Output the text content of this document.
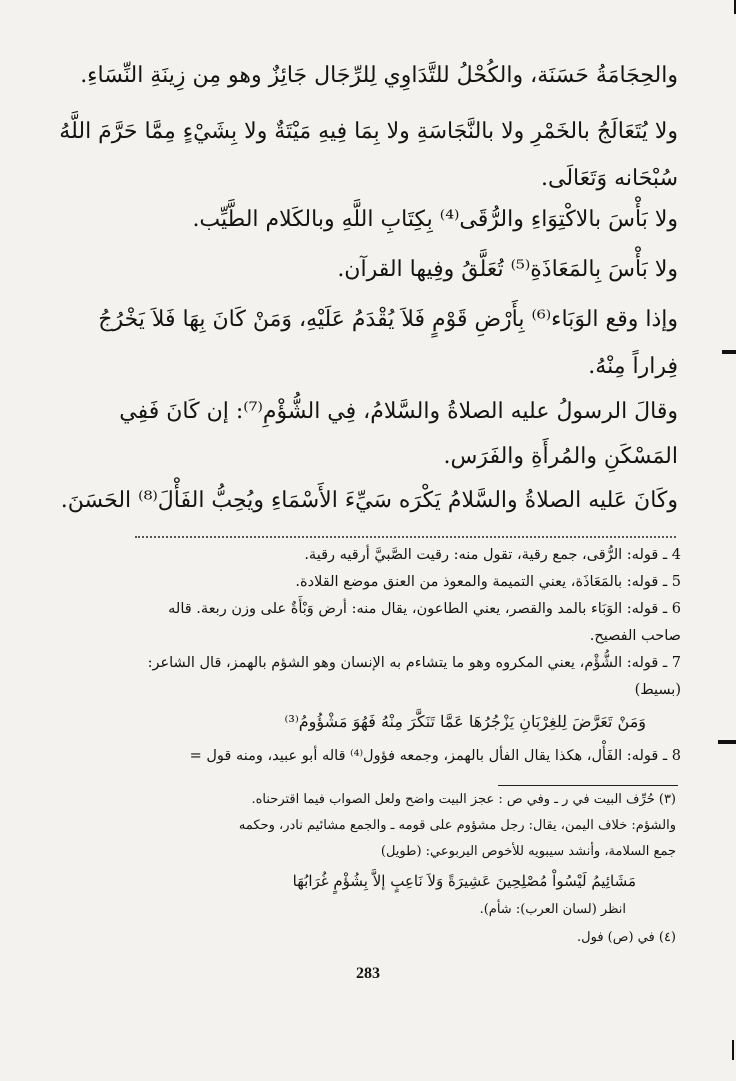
والحِجَامَةُ حَسَنَة، والكُحْلُ للتَّدَاوِي لِلرِّجَال جَائِزٌ وهو مِن زِينَةِ النِّسَاءِ.
ولا يُتَعَالَجُ بالخَمْرِ ولا بالنَّجَاسَةِ ولا بِمَا فِيهِ مَيْتَةٌ ولا بِشَيْءٍ مِمَّا حَرَّمَ اللَّهُ
سُبْحَانه وَتَعَالَى.
ولا بَأْسَ بالاكْتِوَاءِ والرُّقَى⁽⁴⁾ بِكِتَابِ اللَّهِ وبالكَلام الطَّيِّب.
ولا بَأْسَ بِالمَعَاذَةِ⁽⁵⁾ تُعَلَّقُ وفِيها القرآن.
وإذا وقع الوَبَاء⁽⁶⁾ بِأَرْضِ قَوْمٍ فَلاَ يُقْدَمُ عَلَيْهِ، وَمَنْ كَانَ بِهَا فَلاَ يَخْرُجُ
فِراراً مِنْهُ.
وقالَ الرسولُ عليه الصلاةُ والسَّلامُ، فِي الشُّؤْمِ⁽⁷⁾: إن كَانَ فَفِي
المَسْكَنِ والمُرأَةِ والفَرَس.
وكَانَ عَليه الصلاةُ والسَّلامُ يَكْرَه سَيِّءَ الأَسْمَاءِ ويُحِبُّ الفَأْلَ⁽⁸⁾ الحَسَنَ.
4 ـ قوله: الرُّقى، جمع رقية، تقول منه: رقيت الصَّبيَّ أرقيه رقية.
5 ـ قوله: بالمَعَاذَة، يعني التميمة والمعوذ من العنق موضع القلادة.
6 ـ قوله: الوَبَاء بالمد والقصر، يعني الطاعون، يقال منه: أرض وَبْأَةٌ على وزن ربعة. قاله
صاحب الفصيح.
7 ـ قوله: الشُّؤْم، يعني المكروه وهو ما يتشاءم به الإنسان وهو الشؤم بالهمز، قال الشاعر:
(بسيط)
وَمَنْ تَعَرَّضَ لِلغِرْبَانِ يَزْجُرُهَا عَمَّا تَنَكَّرَ مِنْهُ فَهُوَ مَشْؤُومُ⁽³⁾
8 ـ قوله: الفَأْل، هكذا يقال الفأل بالهمز، وجمعه فؤول⁽⁴⁾ قاله أبو عبيد، ومنه قول =
(٣) حُرِّف البيت في ر ـ وفي ص : عجز البيت واضح ولعل الصواب فيما اقترحناه.
والشؤم: خلاف اليمن، يقال: رجل مشؤوم على قومه ـ والجمع مشائيم نادر، وحكمه
جمع السلامة، وأنشد سيبويه للأخوص اليربوعي: (طويل)
مَشَائِيمُ لَيْسُواْ مُصْلِحِينَ عَشِيرَةً وَلاَ نَاعِبٍ إلاَّ بِشُؤْمٍ غُرَابُهَا
انظر (لسان العرب): شأم).
(٤) في (ص) فول.
283
